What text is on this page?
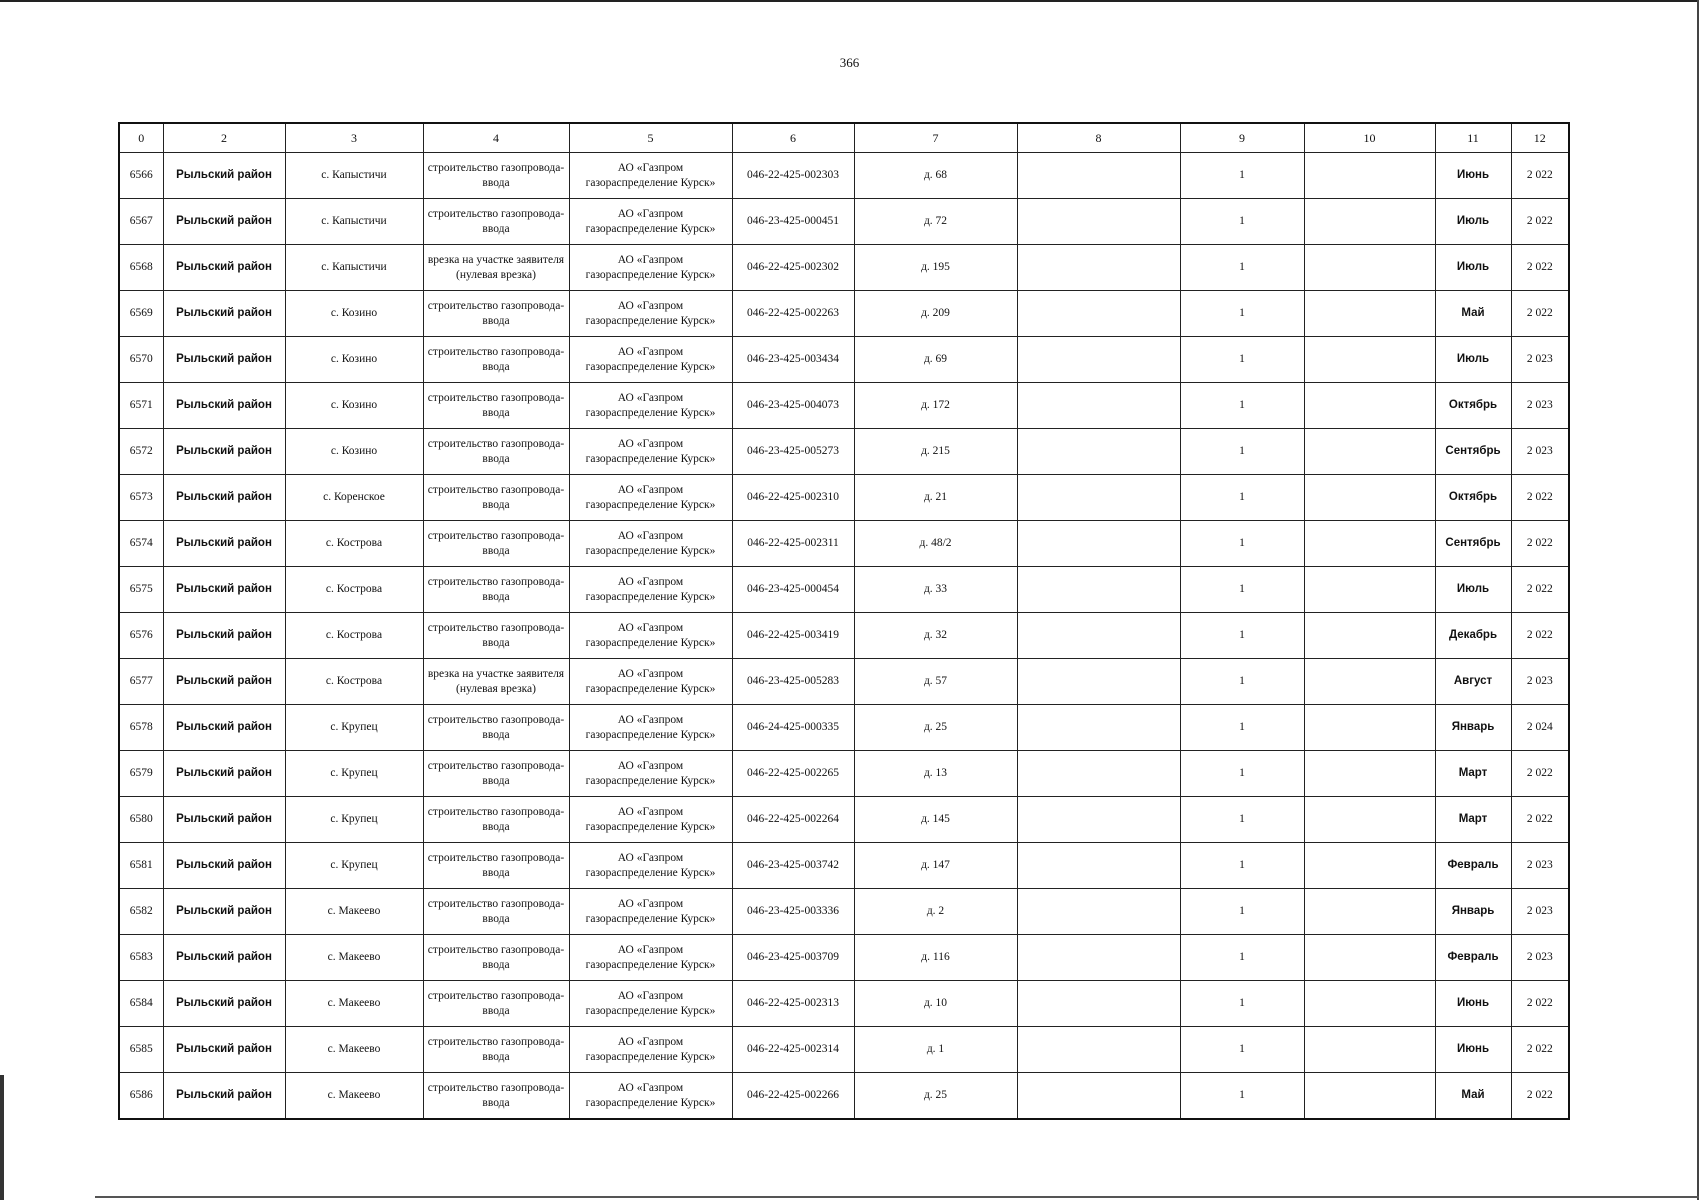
366
0	2	3	4	5	6	7	8	9	10	11	12
6566	Рыльский район	с. Капыстичи	строительство газопровода-ввода	АО «Газпром газораспределение Курск»	046-22-425-002303	д. 68		1		Июнь	2 022
6567	Рыльский район	с. Капыстичи	строительство газопровода-ввода	АО «Газпром газораспределение Курск»	046-23-425-000451	д. 72		1		Июль	2 022
6568	Рыльский район	с. Капыстичи	врезка на участке заявителя (нулевая врезка)	АО «Газпром газораспределение Курск»	046-22-425-002302	д. 195		1		Июль	2 022
6569	Рыльский район	с. Козино	строительство газопровода-ввода	АО «Газпром газораспределение Курск»	046-22-425-002263	д. 209		1		Май	2 022
6570	Рыльский район	с. Козино	строительство газопровода-ввода	АО «Газпром газораспределение Курск»	046-23-425-003434	д. 69		1		Июль	2 023
6571	Рыльский район	с. Козино	строительство газопровода-ввода	АО «Газпром газораспределение Курск»	046-23-425-004073	д. 172		1		Октябрь	2 023
6572	Рыльский район	с. Козино	строительство газопровода-ввода	АО «Газпром газораспределение Курск»	046-23-425-005273	д. 215		1		Сентябрь	2 023
6573	Рыльский район	с. Коренское	строительство газопровода-ввода	АО «Газпром газораспределение Курск»	046-22-425-002310	д. 21		1		Октябрь	2 022
6574	Рыльский район	с. Кострова	строительство газопровода-ввода	АО «Газпром газораспределение Курск»	046-22-425-002311	д. 48/2		1		Сентябрь	2 022
6575	Рыльский район	с. Кострова	строительство газопровода-ввода	АО «Газпром газораспределение Курск»	046-23-425-000454	д. 33		1		Июль	2 022
6576	Рыльский район	с. Кострова	строительство газопровода-ввода	АО «Газпром газораспределение Курск»	046-22-425-003419	д. 32		1		Декабрь	2 022
6577	Рыльский район	с. Кострова	врезка на участке заявителя (нулевая врезка)	АО «Газпром газораспределение Курск»	046-23-425-005283	д. 57		1		Август	2 023
6578	Рыльский район	с. Крупец	строительство газопровода-ввода	АО «Газпром газораспределение Курск»	046-24-425-000335	д. 25		1		Январь	2 024
6579	Рыльский район	с. Крупец	строительство газопровода-ввода	АО «Газпром газораспределение Курск»	046-22-425-002265	д. 13		1		Март	2 022
6580	Рыльский район	с. Крупец	строительство газопровода-ввода	АО «Газпром газораспределение Курск»	046-22-425-002264	д. 145		1		Март	2 022
6581	Рыльский район	с. Крупец	строительство газопровода-ввода	АО «Газпром газораспределение Курск»	046-23-425-003742	д. 147		1		Февраль	2 023
6582	Рыльский район	с. Макеево	строительство газопровода-ввода	АО «Газпром газораспределение Курск»	046-23-425-003336	д. 2		1		Январь	2 023
6583	Рыльский район	с. Макеево	строительство газопровода-ввода	АО «Газпром газораспределение Курск»	046-23-425-003709	д. 116		1		Февраль	2 023
6584	Рыльский район	с. Макеево	строительство газопровода-ввода	АО «Газпром газораспределение Курск»	046-22-425-002313	д. 10		1		Июнь	2 022
6585	Рыльский район	с. Макеево	строительство газопровода-ввода	АО «Газпром газораспределение Курск»	046-22-425-002314	д. 1		1		Июнь	2 022
6586	Рыльский район	с. Макеево	строительство газопровода-ввода	АО «Газпром газораспределение Курск»	046-22-425-002266	д. 25		1		Май	2 022
